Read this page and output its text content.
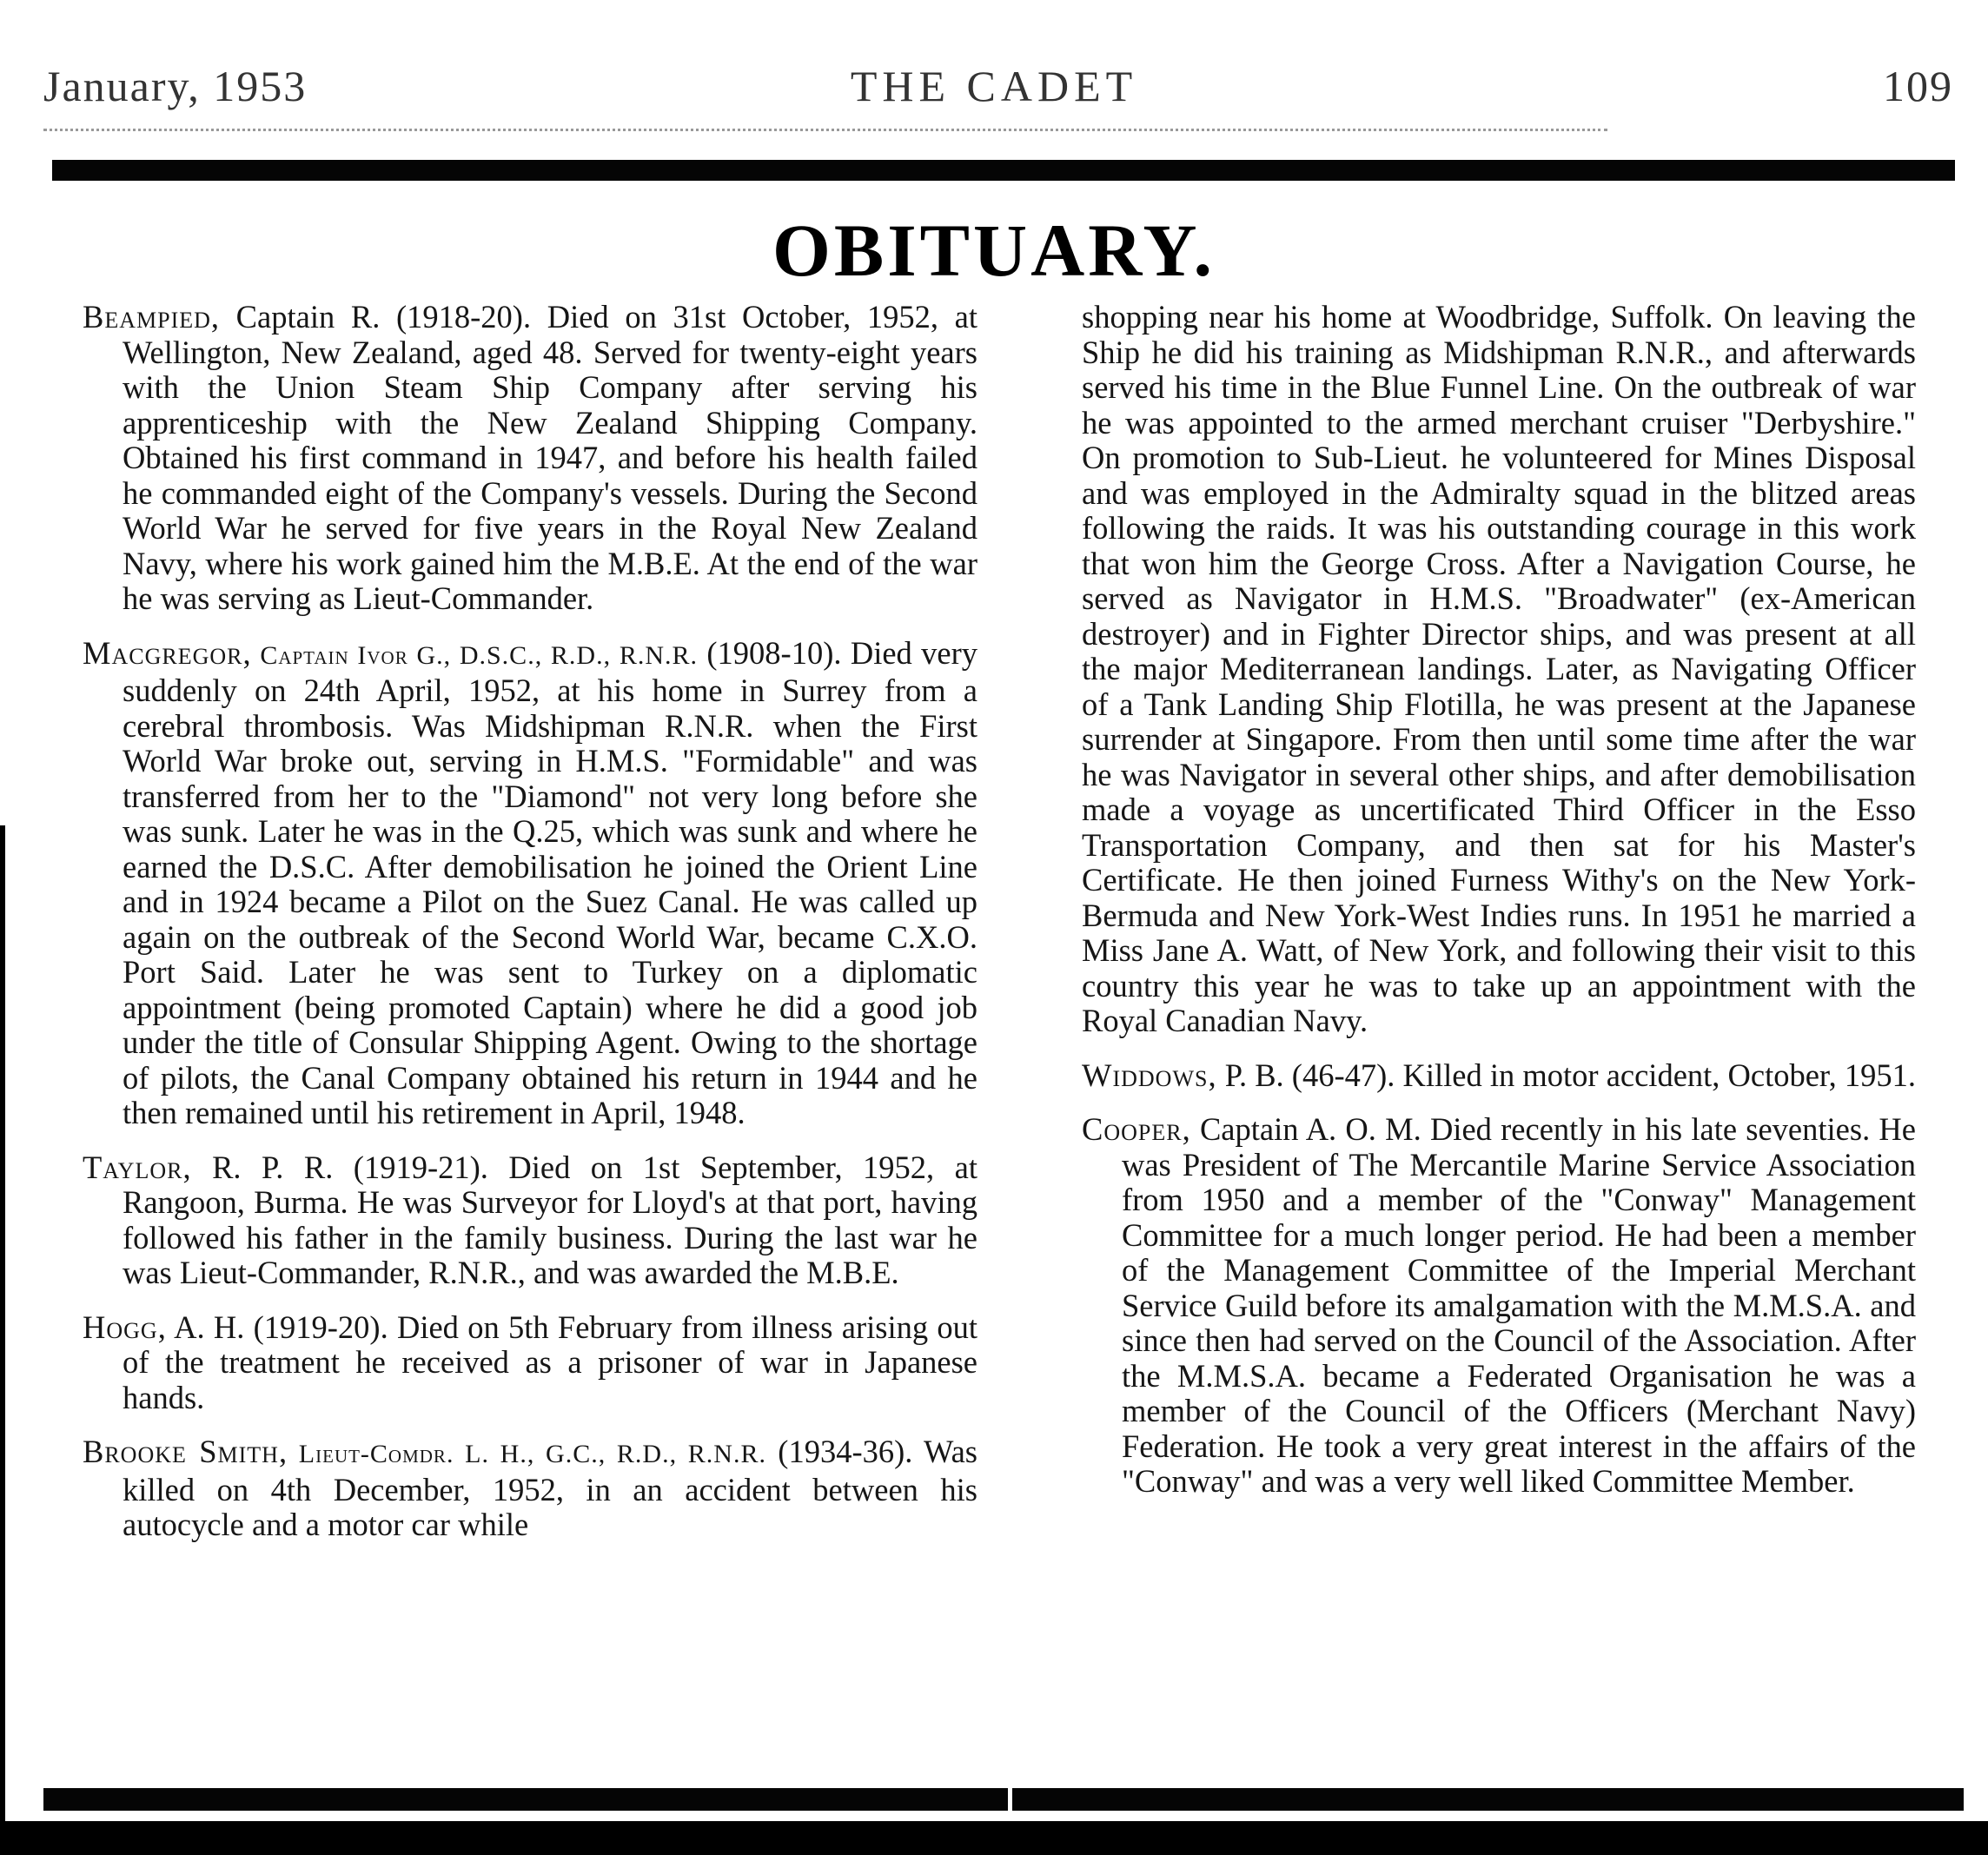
January, 1953	THE CADET	109
OBITUARY.

Beampied, Captain R. (1918-20). Died on 31st October, 1952, at Wellington, New Zealand, aged 48. Served for twenty-eight years with the Union Steam Ship Company after serving his apprenticeship with the New Zealand Shipping Company. Obtained his first command in 1947, and before his health failed he commanded eight of the Company's vessels. During the Second World War he served for five years in the Royal New Zealand Navy, where his work gained him the M.B.E. At the end of the war he was serving as Lieut-Commander.

Macgregor, Captain Ivor G., D.S.C., R.D., R.N.R. (1908-10). Died very suddenly on 24th April, 1952, at his home in Surrey from a cerebral thrombosis. Was Midshipman R.N.R. when the First World War broke out, serving in H.M.S. "Formidable" and was transferred from her to the "Diamond" not very long before she was sunk. Later he was in the Q.25, which was sunk and where he earned the D.S.C. After demobilisation he joined the Orient Line and in 1924 became a Pilot on the Suez Canal. He was called up again on the outbreak of the Second World War, became C.X.O. Port Said. Later he was sent to Turkey on a diplomatic appointment (being promoted Captain) where he did a good job under the title of Consular Shipping Agent. Owing to the shortage of pilots, the Canal Company obtained his return in 1944 and he then remained until his retirement in April, 1948.

Taylor, R. P. R. (1919-21). Died on 1st September, 1952, at Rangoon, Burma. He was Surveyor for Lloyd's at that port, having followed his father in the family business. During the last war he was Lieut-Commander, R.N.R., and was awarded the M.B.E.

Hogg, A. H. (1919-20). Died on 5th February from illness arising out of the treatment he received as a prisoner of war in Japanese hands.

Brooke Smith, Lieut-Comdr. L. H., G.C., R.D., R.N.R. (1934-36). Was killed on 4th December, 1952, in an accident between his autocycle and a motor car while

shopping near his home at Woodbridge, Suffolk. On leaving the Ship he did his training as Midshipman R.N.R., and afterwards served his time in the Blue Funnel Line. On the outbreak of war he was appointed to the armed merchant cruiser "Derbyshire." On promotion to Sub-Lieut. he volunteered for Mines Disposal and was employed in the Admiralty squad in the blitzed areas following the raids. It was his outstanding courage in this work that won him the George Cross. After a Navigation Course, he served as Navigator in H.M.S. "Broadwater" (ex-American destroyer) and in Fighter Director ships, and was present at all the major Mediterranean landings. Later, as Navigating Officer of a Tank Landing Ship Flotilla, he was present at the Japanese surrender at Singapore. From then until some time after the war he was Navigator in several other ships, and after demobilisation made a voyage as uncertificated Third Officer in the Esso Transportation Company, and then sat for his Master's Certificate. He then joined Furness Withy's on the New York-Bermuda and New York-West Indies runs. In 1951 he married a Miss Jane A. Watt, of New York, and following their visit to this country this year he was to take up an appointment with the Royal Canadian Navy.

Widdows, P. B. (46-47). Killed in motor accident, October, 1951.

Cooper, Captain A. O. M. Died recently in his late seventies. He was President of The Mercantile Marine Service Association from 1950 and a member of the "Conway" Management Committee for a much longer period. He had been a member of the Management Committee of the Imperial Merchant Service Guild before its amalgamation with the M.M.S.A. and since then had served on the Council of the Association. After the M.M.S.A. became a Federated Organisation he was a member of the Council of the Officers (Merchant Navy) Federation. He took a very great interest in the affairs of the "Conway" and was a very well liked Committee Member.
